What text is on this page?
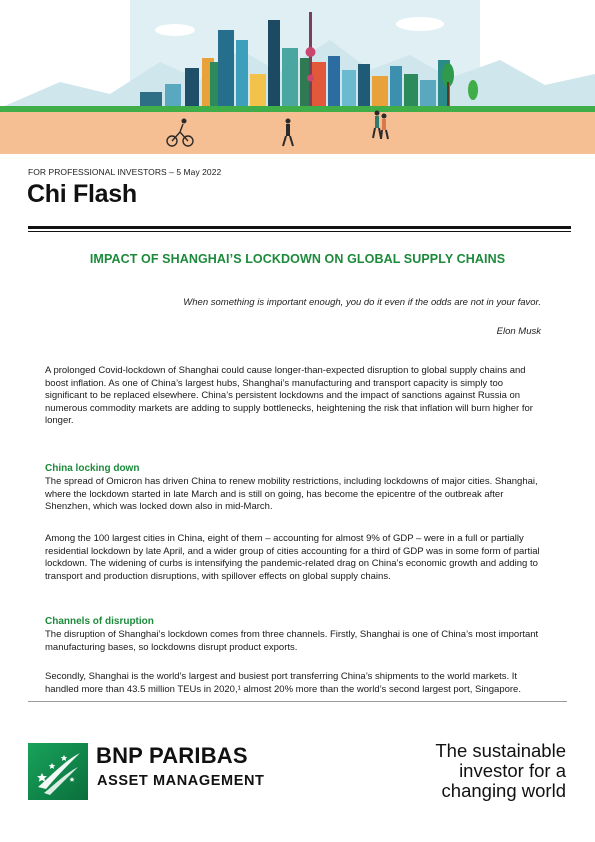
FOR PROFESSIONAL INVESTORS – 5 May 2022
Chi Flash
IMPACT OF SHANGHAI’S LOCKDOWN ON GLOBAL SUPPLY CHAINS
When something is important enough, you do it even if the odds are not in your favor.
Elon Musk

A prolonged Covid-lockdown of Shanghai could cause longer-than-expected disruption to global supply chains and boost inflation. As one of China’s largest hubs, Shanghai’s manufacturing and transport capacity is simply too significant to be replaced elsewhere. China’s persistent lockdowns and the impact of sanctions against Russia on numerous commodity markets are adding to supply bottlenecks, heightening the risk that inflation will burn higher for longer.

China locking down

The spread of Omicron has driven China to renew mobility restrictions, including lockdowns of major cities. Shanghai, where the lockdown started in late March and is still on going, has become the epicentre of the outbreak after Shenzhen, which was locked down also in mid-March.

Among the 100 largest cities in China, eight of them – accounting for almost 9% of GDP – were in a full or partially residential lockdown by late April, and a wider group of cities accounting for a third of GDP was in some form of partial lockdown. The widening of curbs is intensifying the pandemic-related drag on China’s economic growth and adding to transport and production disruptions, with spillover effects on global supply chains.

Channels of disruption

The disruption of Shanghai’s lockdown comes from three channels. Firstly, Shanghai is one of China’s most important manufacturing bases, so lockdowns disrupt product exports.

Secondly, Shanghai is the world’s largest and busiest port transferring China’s shipments to the world markets. It handled more than 43.5 million TEUs in 2020,¹ almost 20% more than the world’s second largest port, Singapore.

BNP PARIBAS
ASSET MANAGEMENT
The sustainable
investor for a
changing world
